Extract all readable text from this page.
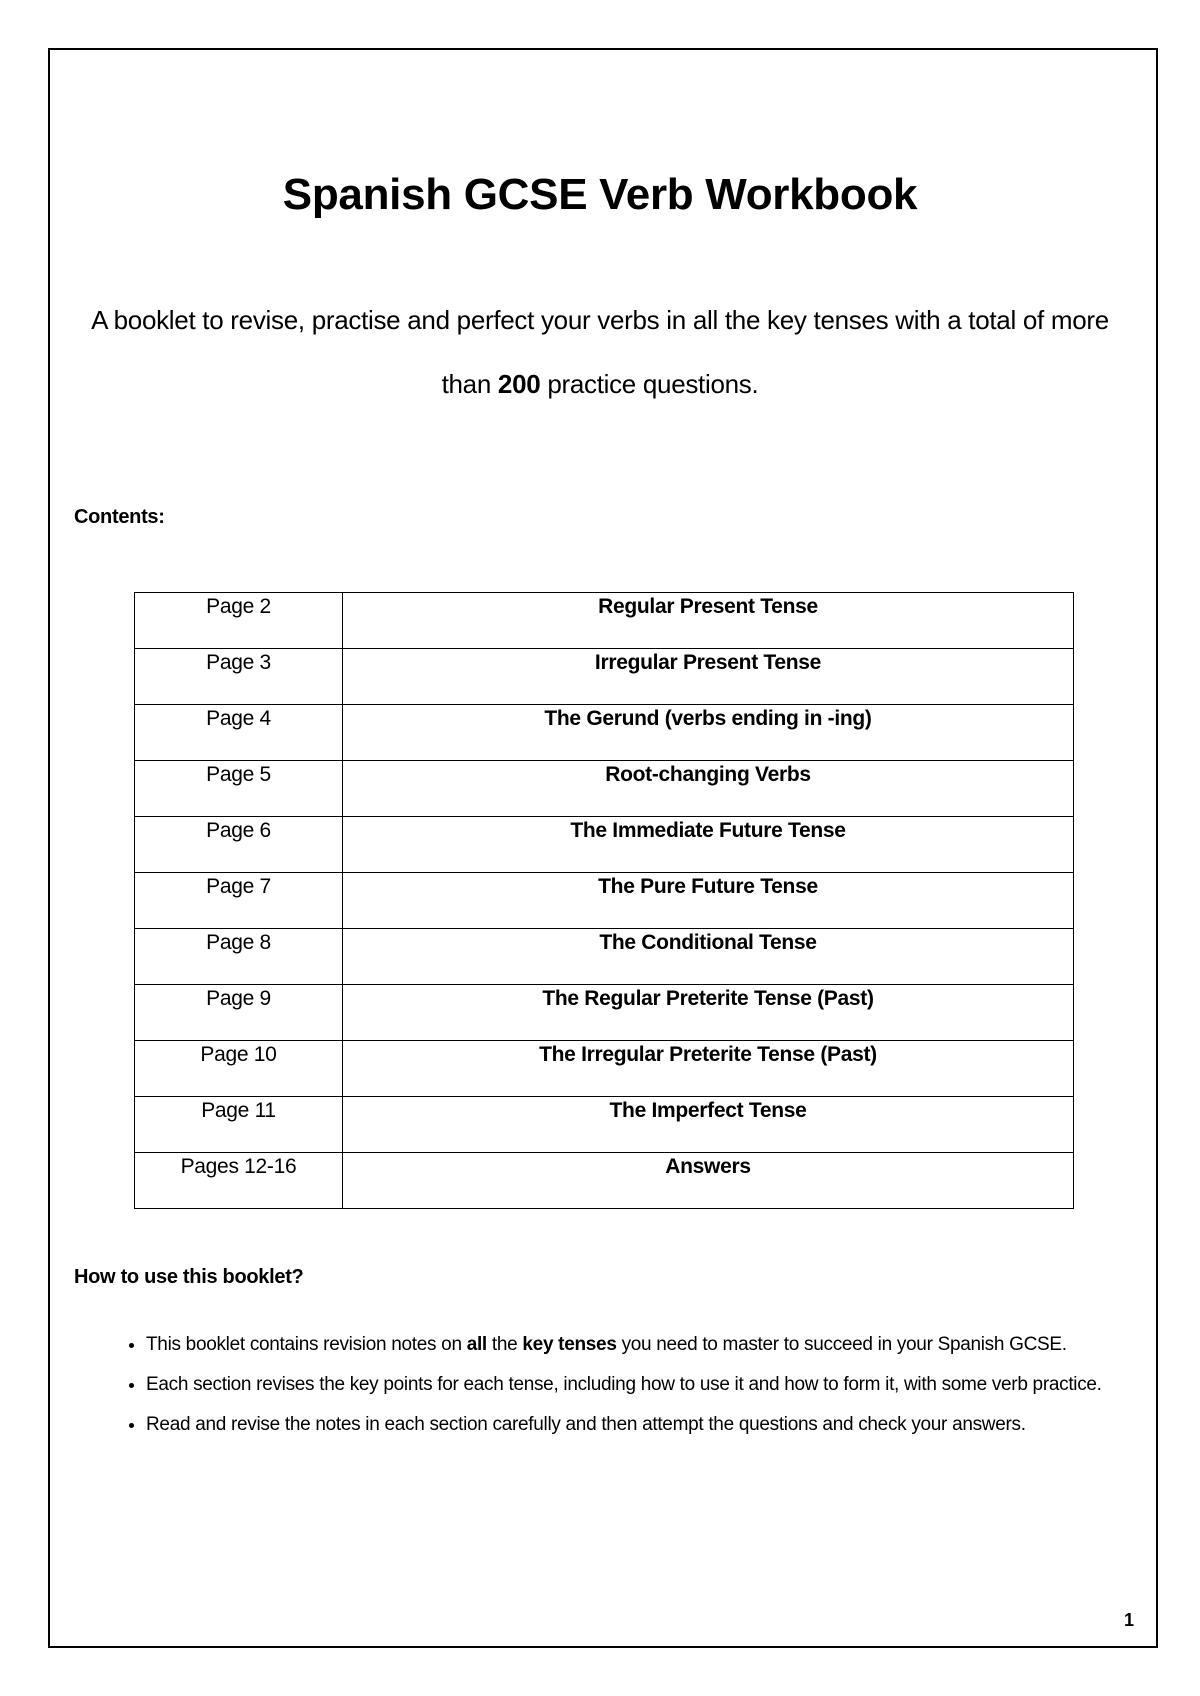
Spanish GCSE Verb Workbook

A booklet to revise, practise and perfect your verbs in all the key tenses with a total of more than 200 practice questions.

Contents:

Page 2	Regular Present Tense
Page 3	Irregular Present Tense
Page 4	The Gerund (verbs ending in -ing)
Page 5	Root-changing Verbs
Page 6	The Immediate Future Tense
Page 7	The Pure Future Tense
Page 8	The Conditional Tense
Page 9	The Regular Preterite Tense (Past)
Page 10	The Irregular Preterite Tense (Past)
Page 11	The Imperfect Tense
Pages 12-16	Answers

How to use this booklet?

• This booklet contains revision notes on all the key tenses you need to master to succeed in your Spanish GCSE.
• Each section revises the key points for each tense, including how to use it and how to form it, with some verb practice.
• Read and revise the notes in each section carefully and then attempt the questions and check your answers.
1
